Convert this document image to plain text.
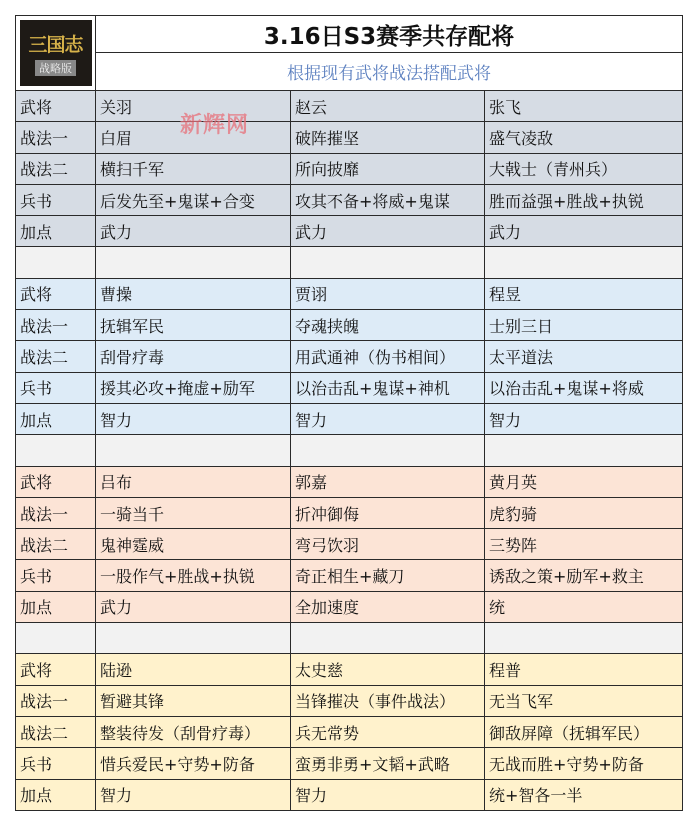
三国志
战略版	3.16日S3赛季共存配将		
	根据现有武将战法搭配武将		
武将	关羽	赵云	张飞
战法一	白眉	破阵摧坚	盛气凌敌
战法二	横扫千军	所向披靡	大戟士（青州兵）
兵书	后发先至+鬼谋+合变	攻其不备+将威+鬼谋	胜而益强+胜战+执锐
加点	武力	武力	武力

武将	曹操	贾诩	程昱
战法一	抚辑军民	夺魂挟魄	士别三日
战法二	刮骨疗毒	用武通神（伪书相间）	太平道法
兵书	援其必攻+掩虚+励军	以治击乱+鬼谋+神机	以治击乱+鬼谋+将威
加点	智力	智力	智力

武将	吕布	郭嘉	黄月英
战法一	一骑当千	折冲御侮	虎豹骑
战法二	鬼神霆威	弯弓饮羽	三势阵
兵书	一股作气+胜战+执锐	奇正相生+藏刀	诱敌之策+励军+救主
加点	武力	全加速度	统

武将	陆逊	太史慈	程普
战法一	暂避其锋	当锋摧决（事件战法）	无当飞军
战法二	整装待发（刮骨疗毒）	兵无常势	御敌屏障（抚辑军民）
兵书	惜兵爱民+守势+防备	蛮勇非勇+文韬+武略	无战而胜+守势+防备
加点	智力	智力	统+智各一半
新辉网
